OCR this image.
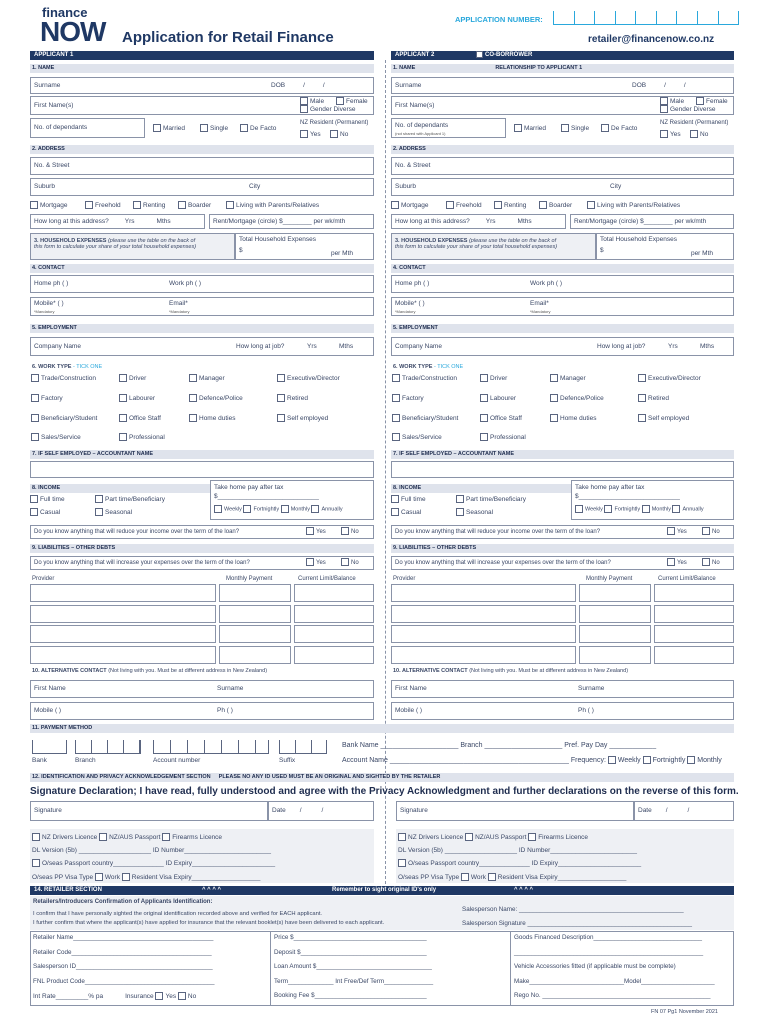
finance
NOW	Application for Retail Finance
APPLICATION NUMBER:
retailer@financenow.co.nz
APPLICANT 1	APPLICANT 2	CO-BORROWER
1. NAME
Surname	DOB	/	/
First Name(s)
Male	Female
Gender Diverse
No. of dependants	Married	Single	De Facto
NZ Resident (Permanent)
Yes	No
2. ADDRESS
No. & Street
Suburb	City
Mortgage	Freehold	Renting	Boarder	Living with Parents/Relatives
How long at this address? Yrs	Mths	Rent/Mortgage (circle) $________ per wk/mth
3. HOUSEHOLD EXPENSES (please use the table on the back of
this form to calculate your share of your total household expenses)
Total Household Expenses
$	per Mth
4. CONTACT
Home ph ( )	Work ph ( )
Mobile* ( )	Email*

*Mandatory	*Mandatory
5. EMPLOYMENT
Company Name	How long at job?	Yrs	Mths
6. WORK TYPE - TICK ONE
Trade/Construction	Driver	Manager	Executive/Director
Factory	Labourer	Defence/Police	Retired
Beneficiary/Student	Office Staff	Home duties	Self employed
Sales/Service	Professional
7. IF SELF EMPLOYED – ACCOUNTANT NAME
8. INCOME
Full time	Part time/Beneficiary
Casual	Seasonal
Take home pay after tax
$____________________________
Weekly Fortnightly Monthly Annually
Do you know anything that will reduce your income over the term of the loan?	Yes	No
9. LIABILITIES – OTHER DEBTS
Do you know anything that will increase your expenses over the term of the loan?	Yes	No
Provider	Monthly Payment	Current Limit/Balance
10. ALTERNATIVE CONTACT (Not living with you. Must be at different address in New Zealand)
First Name	Surname
Mobile ( )	Ph ( )
1. NAME	RELATIONSHIP TO APPLICANT 1
Surname	DOB	/	/
First Name(s)
Male	Female
Gender Diverse
No. of dependants
(not shared with Applicant 1)
Married	Single	De Facto
NZ Resident (Permanent)
Yes	No
2. ADDRESS
No. & Street
Suburb	City
Mortgage	Freehold	Renting	Boarder	Living with Parents/Relatives
How long at this address? Yrs	Mths	Rent/Mortgage (circle) $________ per wk/mth
3. HOUSEHOLD EXPENSES (please use the table on the back of
this form to calculate your share of your total household expenses)
Total Household Expenses
$	per Mth
4. CONTACT
Home ph ( )	Work ph ( )
Mobile* ( )	Email*

*Mandatory	*Mandatory
5. EMPLOYMENT
Company Name	How long at job?	Yrs	Mths
6. WORK TYPE - TICK ONE
Trade/Construction	Driver	Manager	Executive/Director
Factory	Labourer	Defence/Police	Retired
Beneficiary/Student	Office Staff	Home duties	Self employed
Sales/Service	Professional
7. IF SELF EMPLOYED – ACCOUNTANT NAME
8. INCOME
Full time	Part time/Beneficiary
Casual	Seasonal
Take home pay after tax
$____________________________
Weekly Fortnightly Monthly Annually
Do you know anything that will reduce your income over the term of the loan?	Yes	No
9. LIABILITIES – OTHER DEBTS
Do you know anything that will increase your expenses over the term of the loan?	Yes	No
Provider	Monthly Payment	Current Limit/Balance
10. ALTERNATIVE CONTACT (Not living with you. Must be at different address in New Zealand)
First Name	Surname
Mobile ( )	Ph ( )
11. PAYMENT METHOD
Bank	Branch	Account number	Suffix
Bank Name ____________________ Branch ____________________ Pref. Pay Day ____________
Account Name ______________________________________________ Frequency: Weekly Fortnightly Monthly
12. IDENTIFICATION AND PRIVACY ACKNOWLEDGEMENT SECTION PLEASE NO ANY ID USED MUST BE AN ORIGINAL AND SIGHTED BY THE RETAILER
Signature Declaration; I have read, fully understood and agree with the Privacy Acknowledgment and further declarations on the reverse of this form.
Signature	Date /	/	Signature	Date /	/
NZ Drivers Licence NZ/AUS Passport Firearms Licence
DL Version (5b) ____________________ ID Number________________________
O/seas Passport country______________ ID Expiry_______________________
O/seas PP Visa Type Work Resident Visa Expiry___________________
NZ Drivers Licence NZ/AUS Passport Firearms Licence
DL Version (5b) ____________________ ID Number________________________
O/seas Passport country______________ ID Expiry_______________________
O/seas PP Visa Type Work Resident Visa Expiry___________________
14. RETAILER SECTION	^ ^ ^ ^	Remember to sight original ID's only	^ ^ ^ ^
Retailers/Introducers Confirmation of Applicants Identification:
I confirm that I have personally sighted the original identification recorded above and verified for EACH applicant.
I further confirm that where the applicant(s) have applied for insurance that the relevant booklet(s) have been delivered to each applicant.
Salesperson Name: _______________________________________________
Salesperson Signature _______________________________________________
Retailer Name________________________________________
Retailer Code________________________________________
Salesperson ID_______________________________________
FNL Product Code_____________________________________
Int Rate_________% pa	Insurance Yes No
Price $______________________________________
Deposit $____________________________________
Loan Amount $_________________________________
Term_____________ Int Free/Def Term______________
Booking Fee $________________________________
Goods Financed Description_______________________________
______________________________________________________
Vehicle Accessories fitted (if applicable must be complete)
Make___________________________Model_____________________
Rego No. ________________________________________________
FN 07 Pg1 November 2021
